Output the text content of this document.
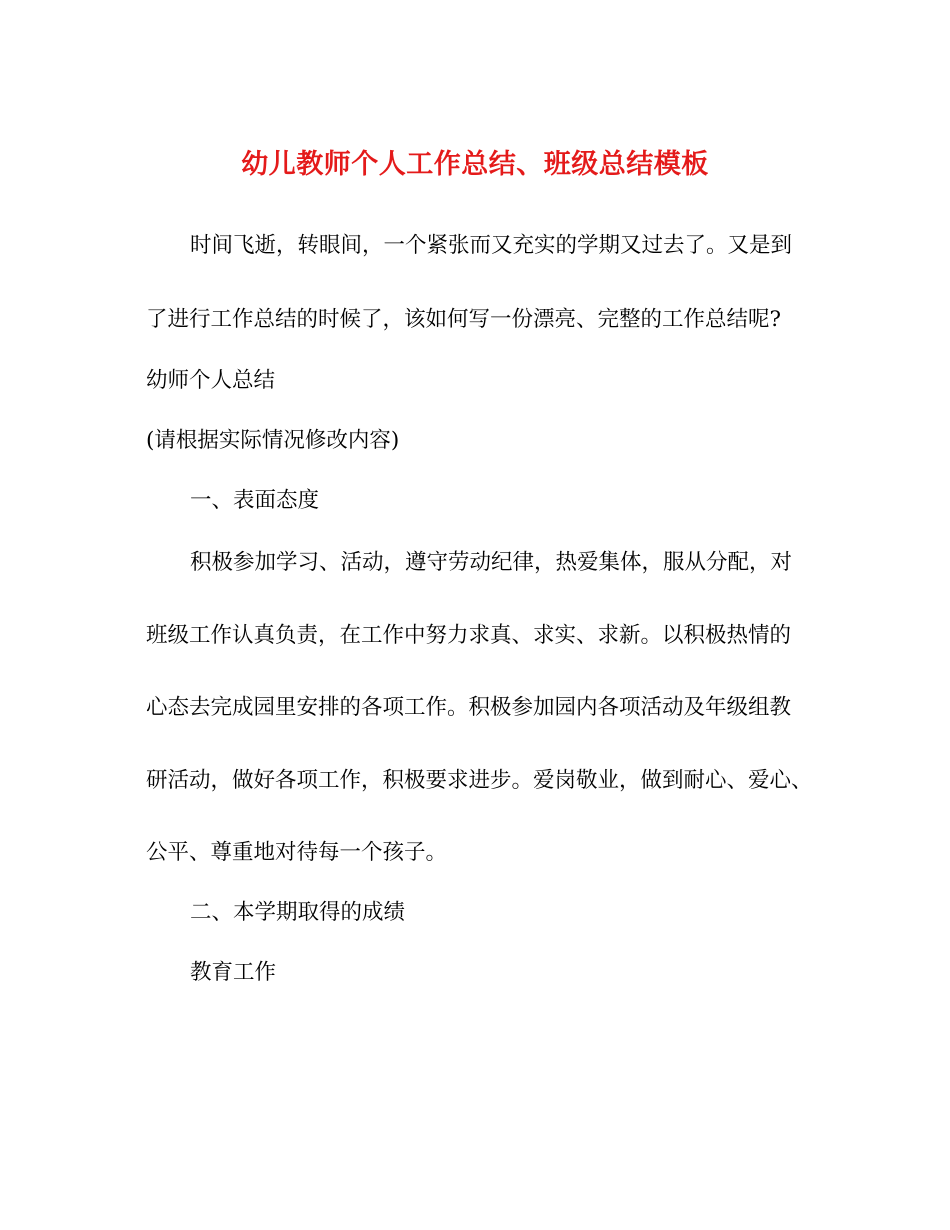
幼儿教师个人工作总结、班级总结模板
时间飞逝，转眼间，一个紧张而又充实的学期又过去了。又是到
了进行工作总结的时候了，该如何写一份漂亮、完整的工作总结呢?
幼师个人总结
(请根据实际情况修改内容)
一、表面态度
积极参加学习、活动，遵守劳动纪律，热爱集体，服从分配，对
班级工作认真负责，在工作中努力求真、求实、求新。以积极热情的
心态去完成园里安排的各项工作。积极参加园内各项活动及年级组教
研活动，做好各项工作，积极要求进步。爱岗敬业，做到耐心、爱心、
公平、尊重地对待每一个孩子。
二、本学期取得的成绩
教育工作
